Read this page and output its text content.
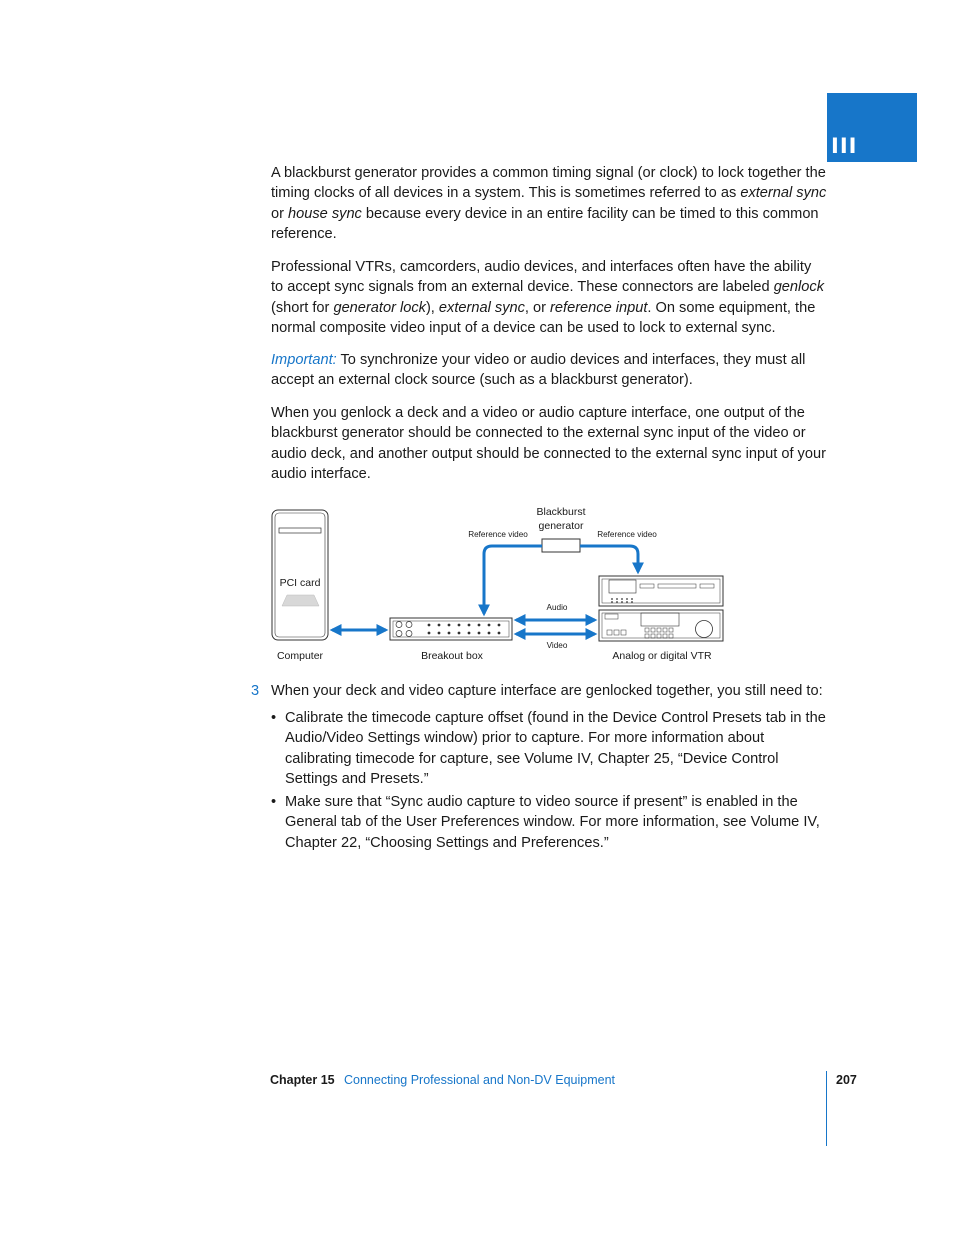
III

A blackburst generator provides a common timing signal (or clock) to lock together the timing clocks of all devices in a system. This is sometimes referred to as external sync or house sync because every device in an entire facility can be timed to this common reference.

Professional VTRs, camcorders, audio devices, and interfaces often have the ability to accept sync signals from an external device. These connectors are labeled genlock (short for generator lock), external sync, or reference input. On some equipment, the normal composite video input of a device can be used to lock to external sync.

Important: To synchronize your video or audio devices and interfaces, they must all accept an external clock source (such as a blackburst generator).

When you genlock a deck and a video or audio capture interface, one output of the blackburst generator should be connected to the external sync input of the video or audio deck, and another output should be connected to the external sync input of your audio interface.

Blackburst
generator
Reference video	Reference video
PCI card
Audio
Video
Computer	Breakout box	Analog or digital VTR
3 When your deck and video capture interface are genlocked together, you still need to:

• Calibrate the timecode capture offset (found in the Device Control Presets tab in the Audio/Video Settings window) prior to capture. For more information about calibrating timecode for capture, see Volume IV, Chapter 25, “Device Control Settings and Presets.”
• Make sure that “Sync audio capture to video source if present” is enabled in the General tab of the User Preferences window. For more information, see Volume IV, Chapter 22, “Choosing Settings and Preferences.”
Chapter 15 Connecting Professional and Non-DV Equipment	207
